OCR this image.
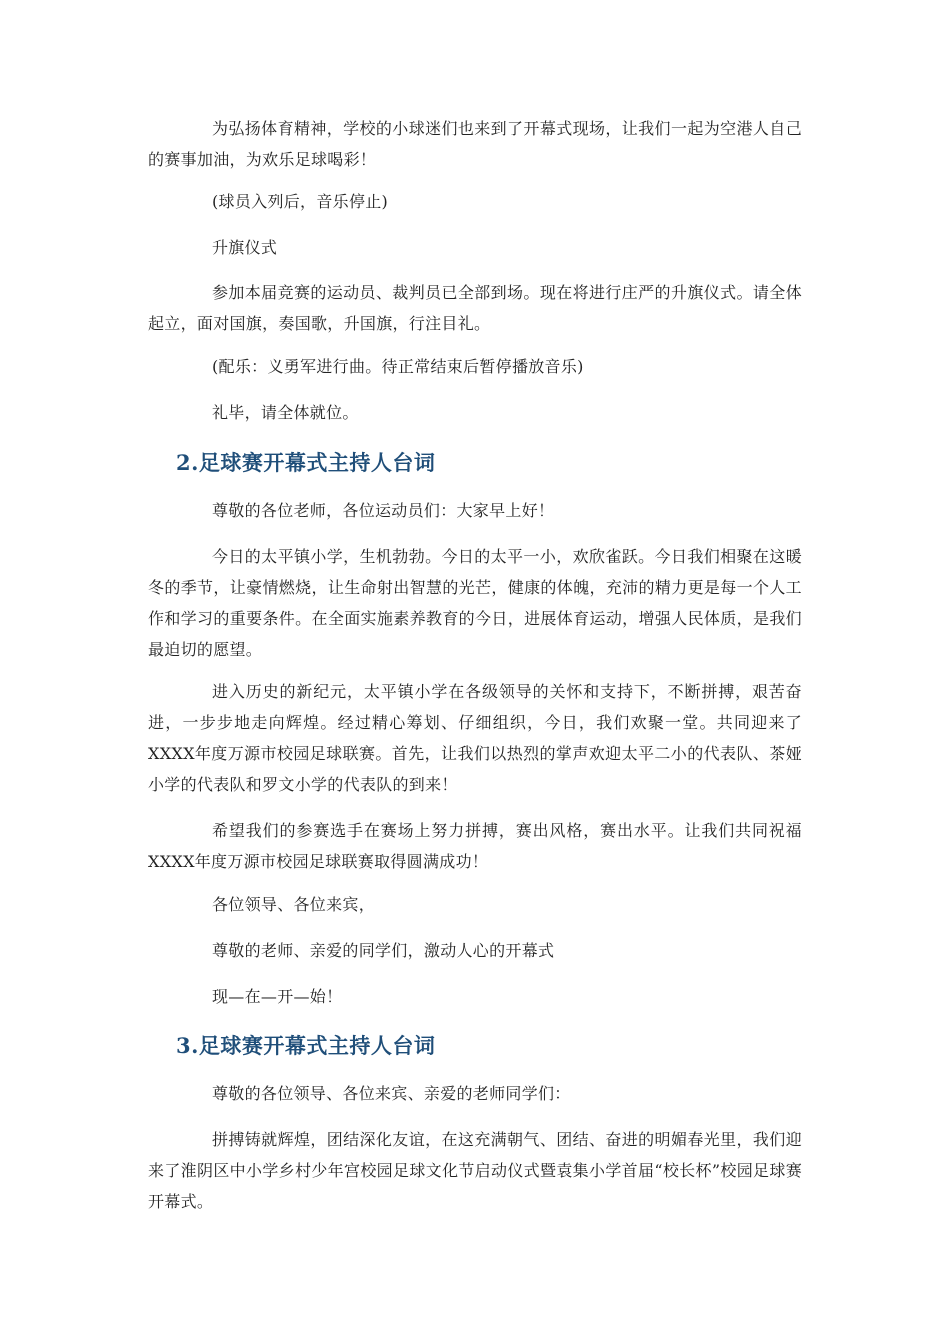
为弘扬体育精神，学校的小球迷们也来到了开幕式现场，让我们一起为空港人自己的赛事加油，为欢乐足球喝彩！

(球员入列后，音乐停止)

升旗仪式

参加本届竞赛的运动员、裁判员已全部到场。现在将进行庄严的升旗仪式。请全体起立，面对国旗，奏国歌，升国旗，行注目礼。

(配乐：义勇军进行曲。待正常结束后暂停播放音乐)

礼毕，请全体就位。

2.足球赛开幕式主持人台词

尊敬的各位老师，各位运动员们：大家早上好！

今日的太平镇小学，生机勃勃。今日的太平一小，欢欣雀跃。今日我们相聚在这暖冬的季节，让豪情燃烧，让生命射出智慧的光芒，健康的体魄，充沛的精力更是每一个人工作和学习的重要条件。在全面实施素养教育的今日，进展体育运动，增强人民体质，是我们最迫切的愿望。

进入历史的新纪元，太平镇小学在各级领导的关怀和支持下，不断拼搏，艰苦奋进，一步步地走向辉煌。经过精心筹划、仔细组织，今日，我们欢聚一堂。共同迎来了XXXX年度万源市校园足球联赛。首先，让我们以热烈的掌声欢迎太平二小的代表队、茶娅小学的代表队和罗文小学的代表队的到来！

希望我们的参赛选手在赛场上努力拼搏，赛出风格，赛出水平。让我们共同祝福XXXX年度万源市校园足球联赛取得圆满成功！

各位领导、各位来宾，

尊敬的老师、亲爱的同学们，激动人心的开幕式

现—在—开—始！

3.足球赛开幕式主持人台词

尊敬的各位领导、各位来宾、亲爱的老师同学们：

拼搏铸就辉煌，团结深化友谊，在这充满朝气、团结、奋进的明媚春光里，我们迎来了淮阴区中小学乡村少年宫校园足球文化节启动仪式暨袁集小学首届“校长杯”校园足球赛开幕式。
